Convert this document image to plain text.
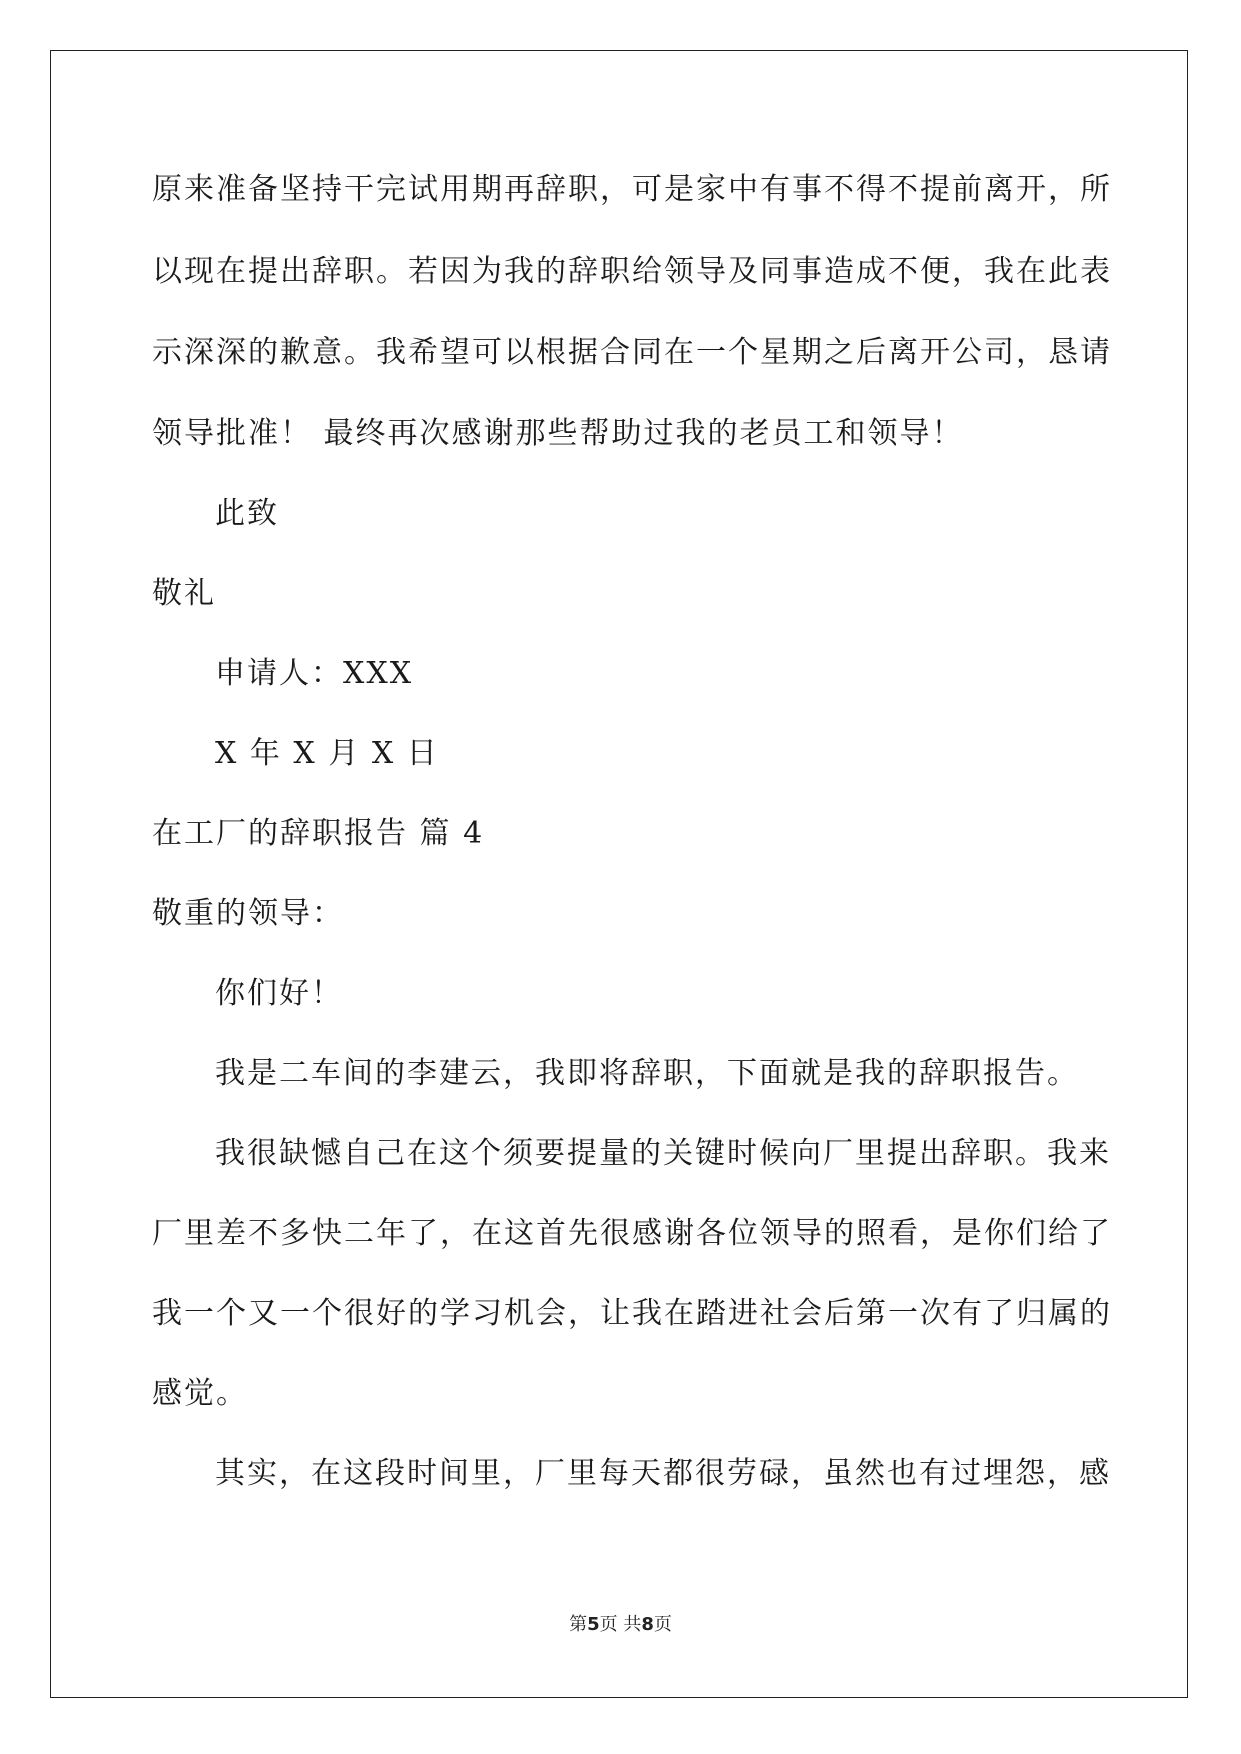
原来准备坚持干完试用期再辞职，可是家中有事不得不提前离开，所
以现在提出辞职。若因为我的辞职给领导及同事造成不便，我在此表
示深深的歉意。我希望可以根据合同在一个星期之后离开公司，恳请
领导批准！ 最终再次感谢那些帮助过我的老员工和领导！
此致
敬礼
申请人：XXX
X 年 X 月 X 日
在工厂的辞职报告 篇 4
敬重的领导：
你们好！
我是二车间的李建云，我即将辞职，下面就是我的辞职报告。
我很缺憾自己在这个须要提量的关键时候向厂里提出辞职。我来
厂里差不多快二年了，在这首先很感谢各位领导的照看，是你们给了
我一个又一个很好的学习机会，让我在踏进社会后第一次有了归属的
感觉。
其实，在这段时间里，厂里每天都很劳碌，虽然也有过埋怨，感
第5页 共8页
